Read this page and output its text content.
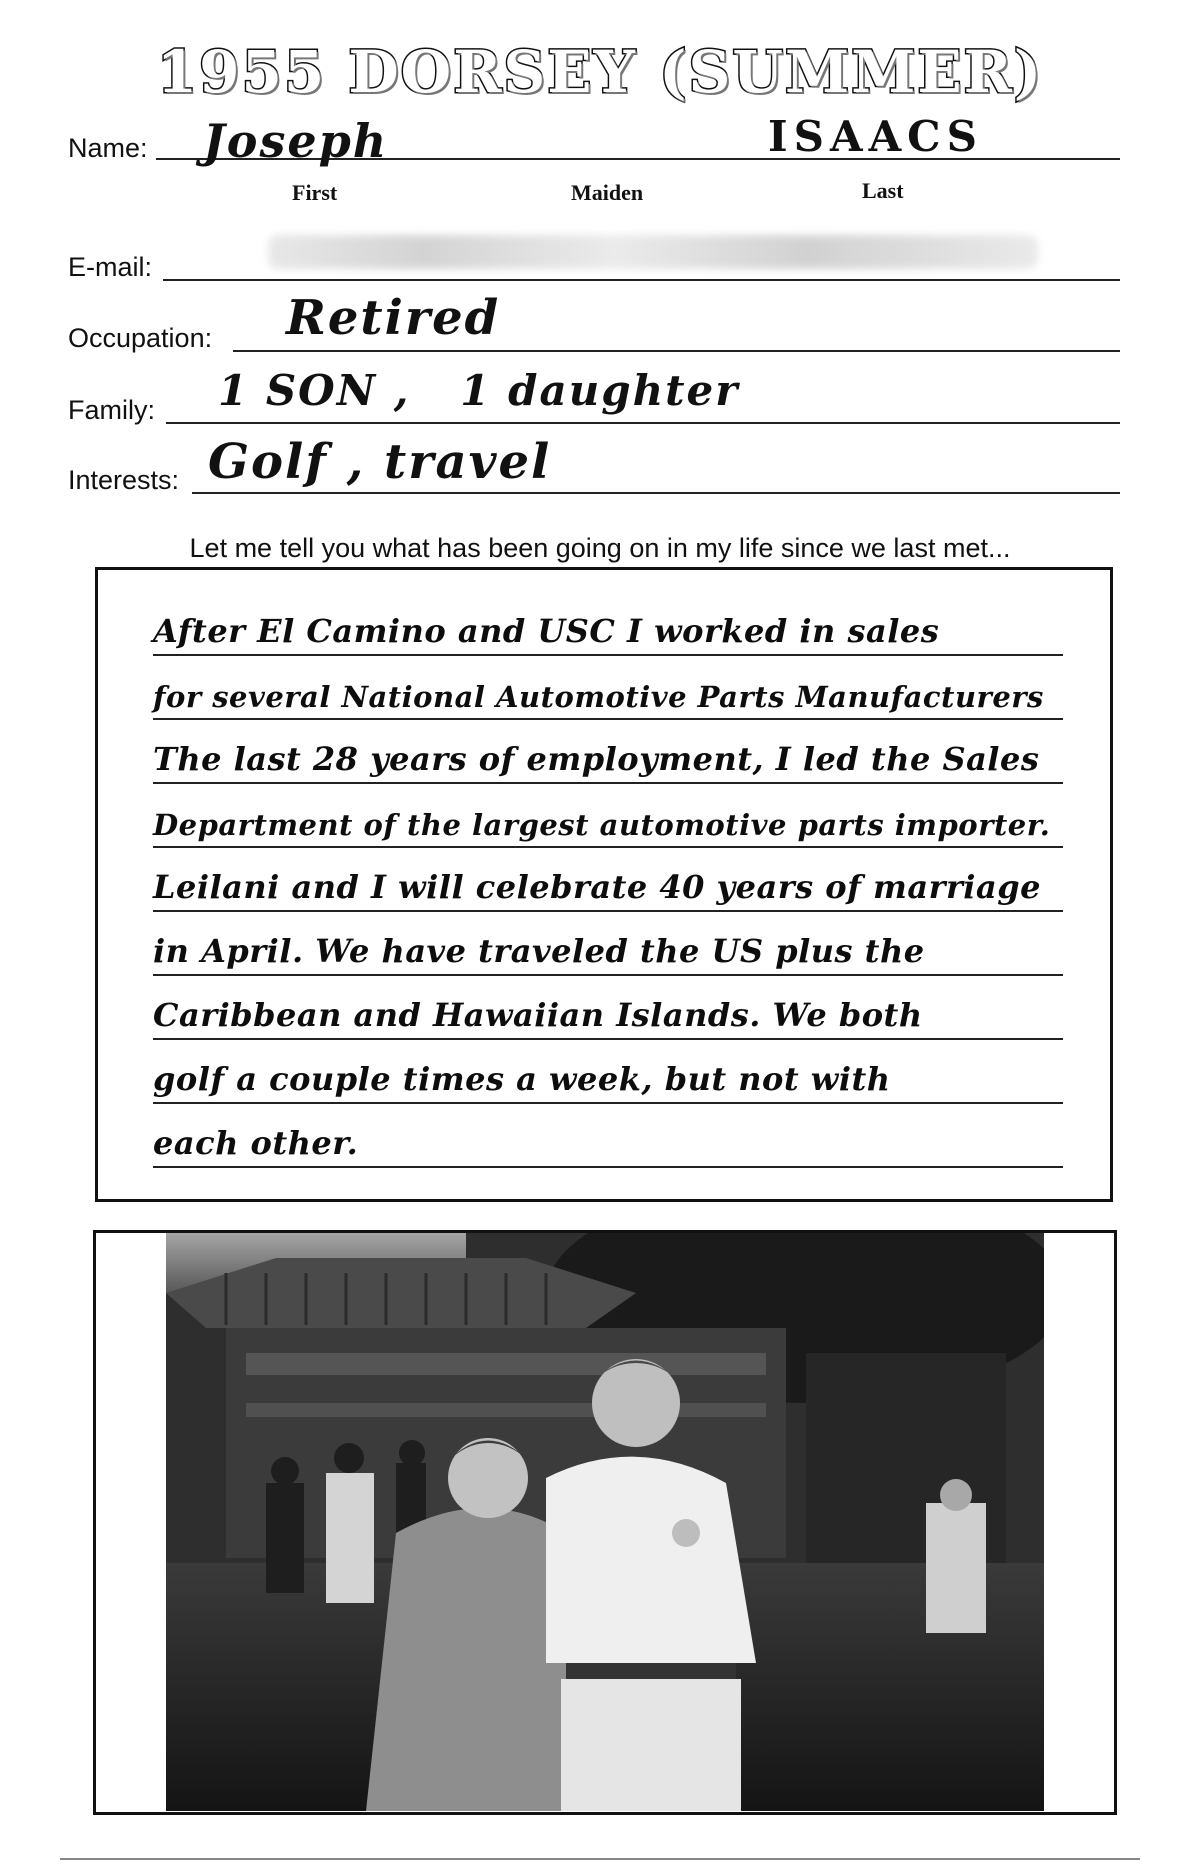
1955 DORSEY (SUMMER)
Name: Joseph	ISAACS
First	Maiden	Last
E-mail:
Occupation: Retired
Family: 1 SON ,   1 daughter
Interests: Golf , travel
Let me tell you what has been going on in my life since we last met...
After El Camino and USC I worked in sales
for several National Automotive Parts Manufacturers
The last 28 years of employment, I led the Sales
Department of the largest automotive parts importer.
Leilani and I will celebrate 40 years of marriage
in April. We have traveled the US plus the
Caribbean and Hawaiian Islands. We both
golf a couple times a week, but not with
each other.
